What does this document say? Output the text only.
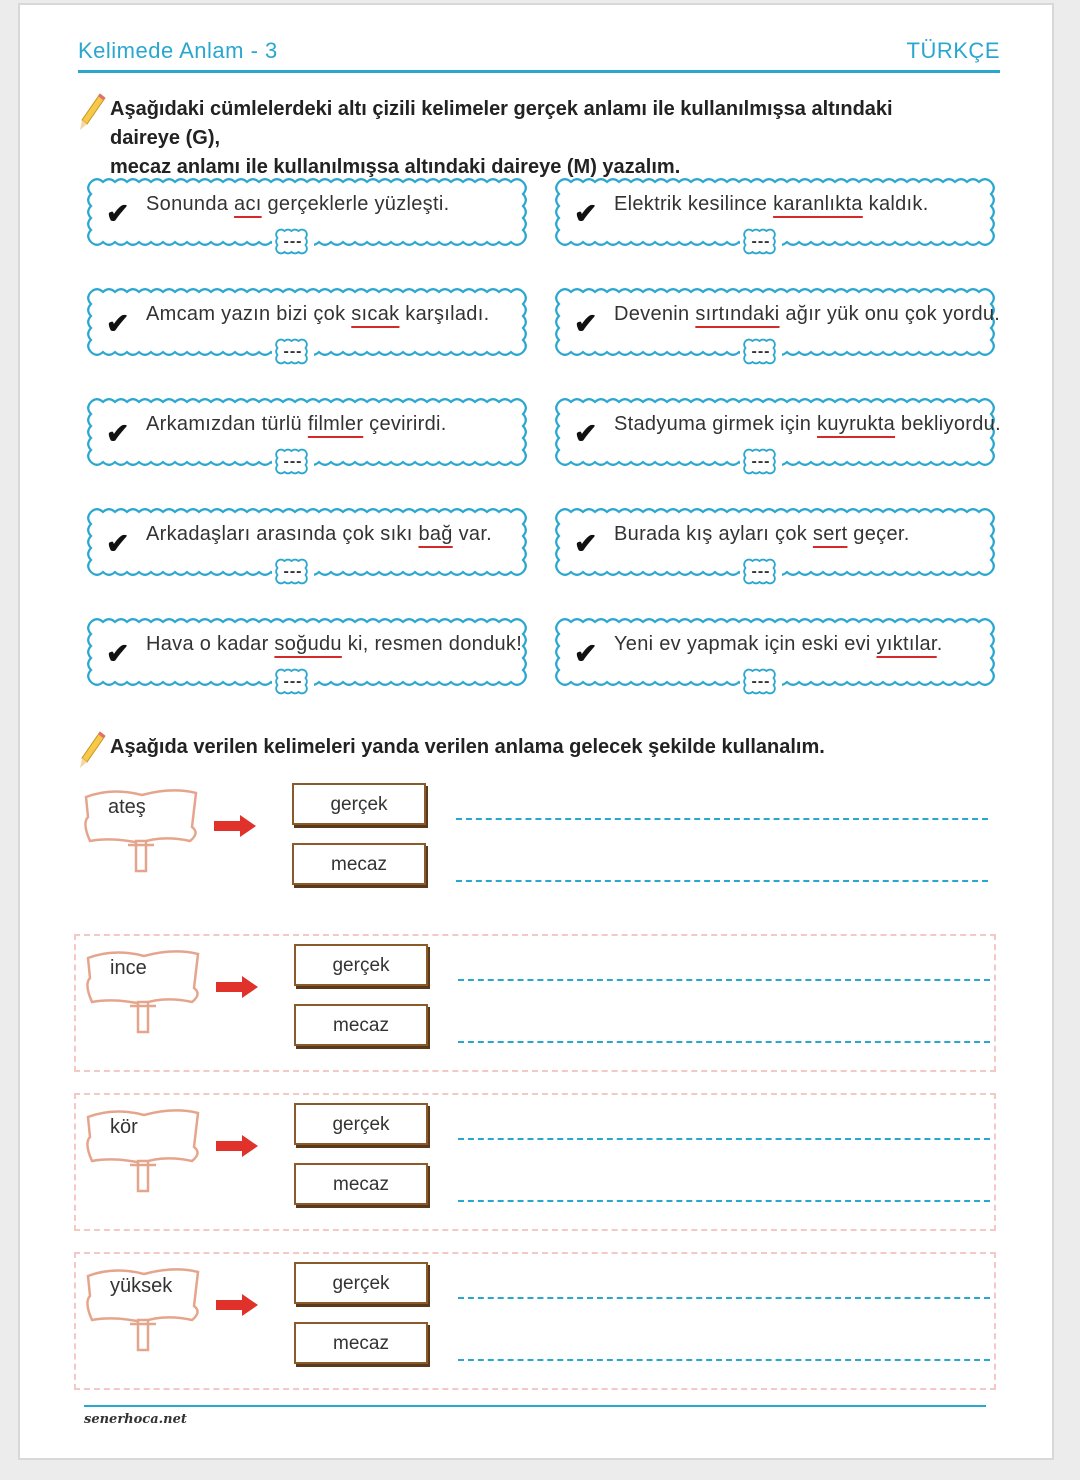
Kelimede Anlam - 3	TÜRKÇE
Aşağıdaki cümlelerdeki altı çizili kelimeler gerçek anlamı ile kullanılmışsa altındaki daireye (G),
mecaz anlamı ile kullanılmışsa altındaki daireye (M) yazalım.
✔ Sonunda acı gerçeklerle yüzleşti.
---
✔ Elektrik kesilince karanlıkta kaldık.
---
✔ Amcam yazın bizi çok sıcak karşıladı.
---
✔ Devenin sırtındaki ağır yük onu çok yordu.
---
✔ Arkamızdan türlü filmler çevirirdi.
---
✔ Stadyuma girmek için kuyrukta bekliyordu.
---
✔ Arkadaşları arasında çok sıkı bağ var.
---
✔ Burada kış ayları çok sert geçer.
---
✔ Hava o kadar soğudu ki, resmen donduk!
---
✔ Yeni ev yapmak için eski evi yıktılar.
---
Aşağıda verilen kelimeleri yanda verilen anlama gelecek şekilde kullanalım.
ateş	gerçek
mecaz
ince	gerçek
mecaz
kör	gerçek
mecaz
yüksek	gerçek
mecaz
senerhoca.net
